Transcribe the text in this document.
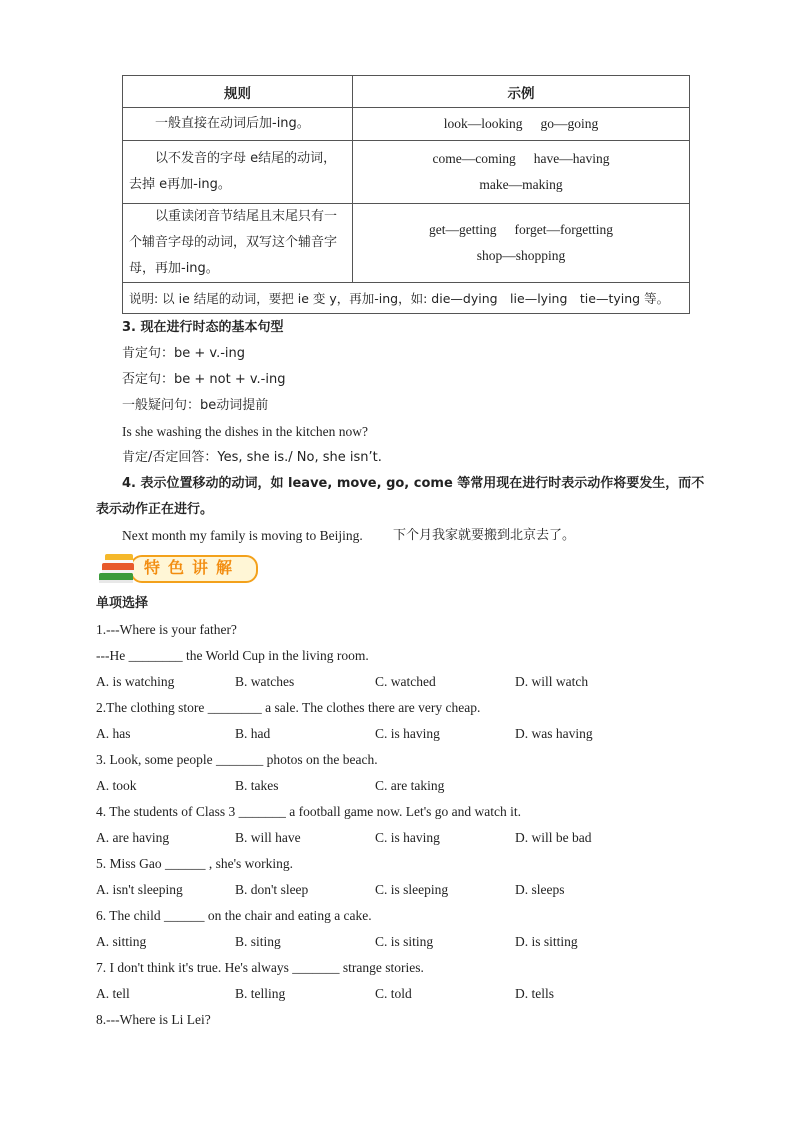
规则	示例

一般直接在动词后加-ing。	look—looking go—going

以不发音的字母 e结尾的动词，去掉 e再加-ing。	come—coming have—having
make—making

以重读闭音节结尾且末尾只有一个辅音字母的动词，双写这个辅音字母，再加-ing。	get—getting forget—forgetting
shop—shopping

说明: 以 ie 结尾的动词，要把 ie 变 y，再加-ing，如: die—dying　lie—lying　tie—tying 等。	
3. 现在进行时态的基本句型
肯定句：be + v.-ing
否定句：be + not + v.-ing
一般疑问句：be动词提前
Is she washing the dishes in the kitchen now?
肯定/否定回答：Yes, she is./ No, she isn’t.
4. 表示位置移动的动词，如 leave, move, go, come 等常用现在进行时表示动作将要发生，而不
表示动作正在进行。
Next month my family is moving to Beijing. 下个月我家就要搬到北京去了。
特色讲解
单项选择
1.---Where is your father?
---He ________ the World Cup in the living room.
A. is watching	B. watches	C. watched	D. will watch
2.The clothing store ________ a sale. The clothes there are very cheap.
A. has	B. had	C. is having	D. was having
3. Look, some people _______ photos on the beach.
A. took	B. takes	C. are taking
4. The students of Class 3 _______ a football game now. Let's go and watch it.
A. are having	B. will have	C. is having	D. will be bad
5. Miss Gao ______ , she's working.
A. isn't sleeping	B. don't sleep	C. is sleeping	D. sleeps
6. The child ______ on the chair and eating a cake.
A. sitting	B. siting	C. is siting	D. is sitting
7. I don't think it's true. He's always _______ strange stories.
A. tell	B. telling	C. told	D. tells
8.---Where is Li Lei?
